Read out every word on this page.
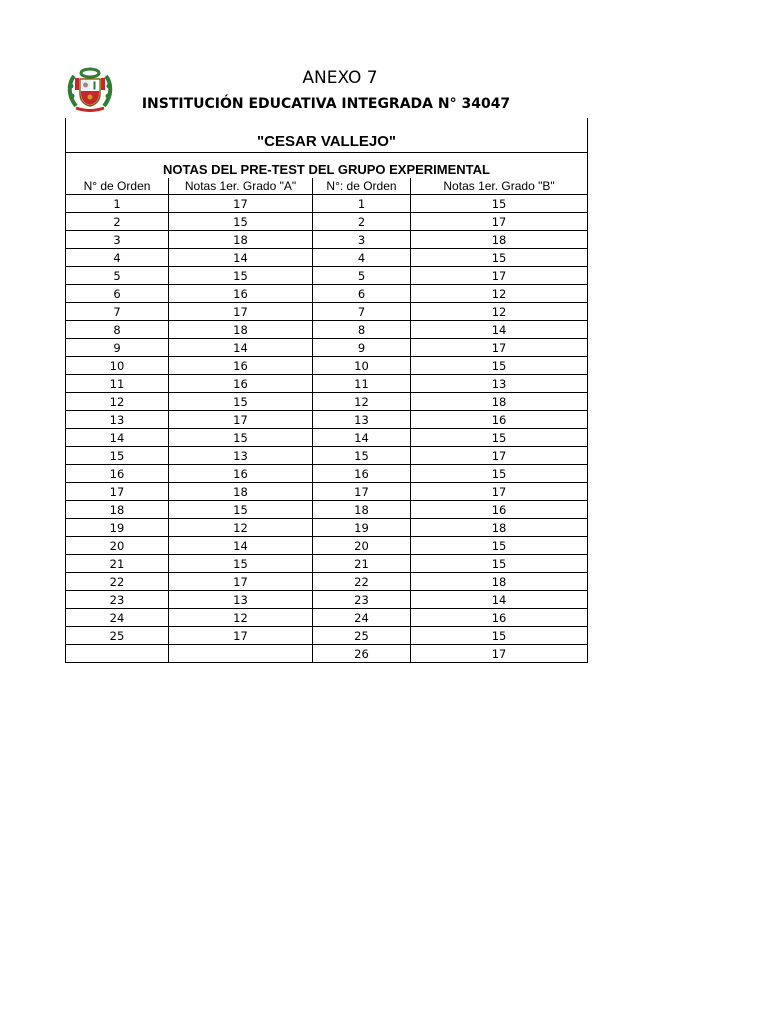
ANEXO 7
INSTITUCIÓN EDUCATIVA INTEGRADA N° 34047
"CESAR VALLEJO"			
NOTAS DEL PRE-TEST DEL GRUPO EXPERIMENTAL			
N° de Orden	Notas 1er. Grado "A"	N°: de Orden	Notas 1er. Grado "B"
1	17	1	15
2	15	2	17
3	18	3	18
4	14	4	15
5	15	5	17
6	16	6	12
7	17	7	12
8	18	8	14
9	14	9	17
10	16	10	15
11	16	11	13
12	15	12	18
13	17	13	16
14	15	14	15
15	13	15	17
16	16	16	15
17	18	17	17
18	15	18	16
19	12	19	18
20	14	20	15
21	15	21	15
22	17	22	18
23	13	23	14
24	12	24	16
25	17	25	15
		26	17
